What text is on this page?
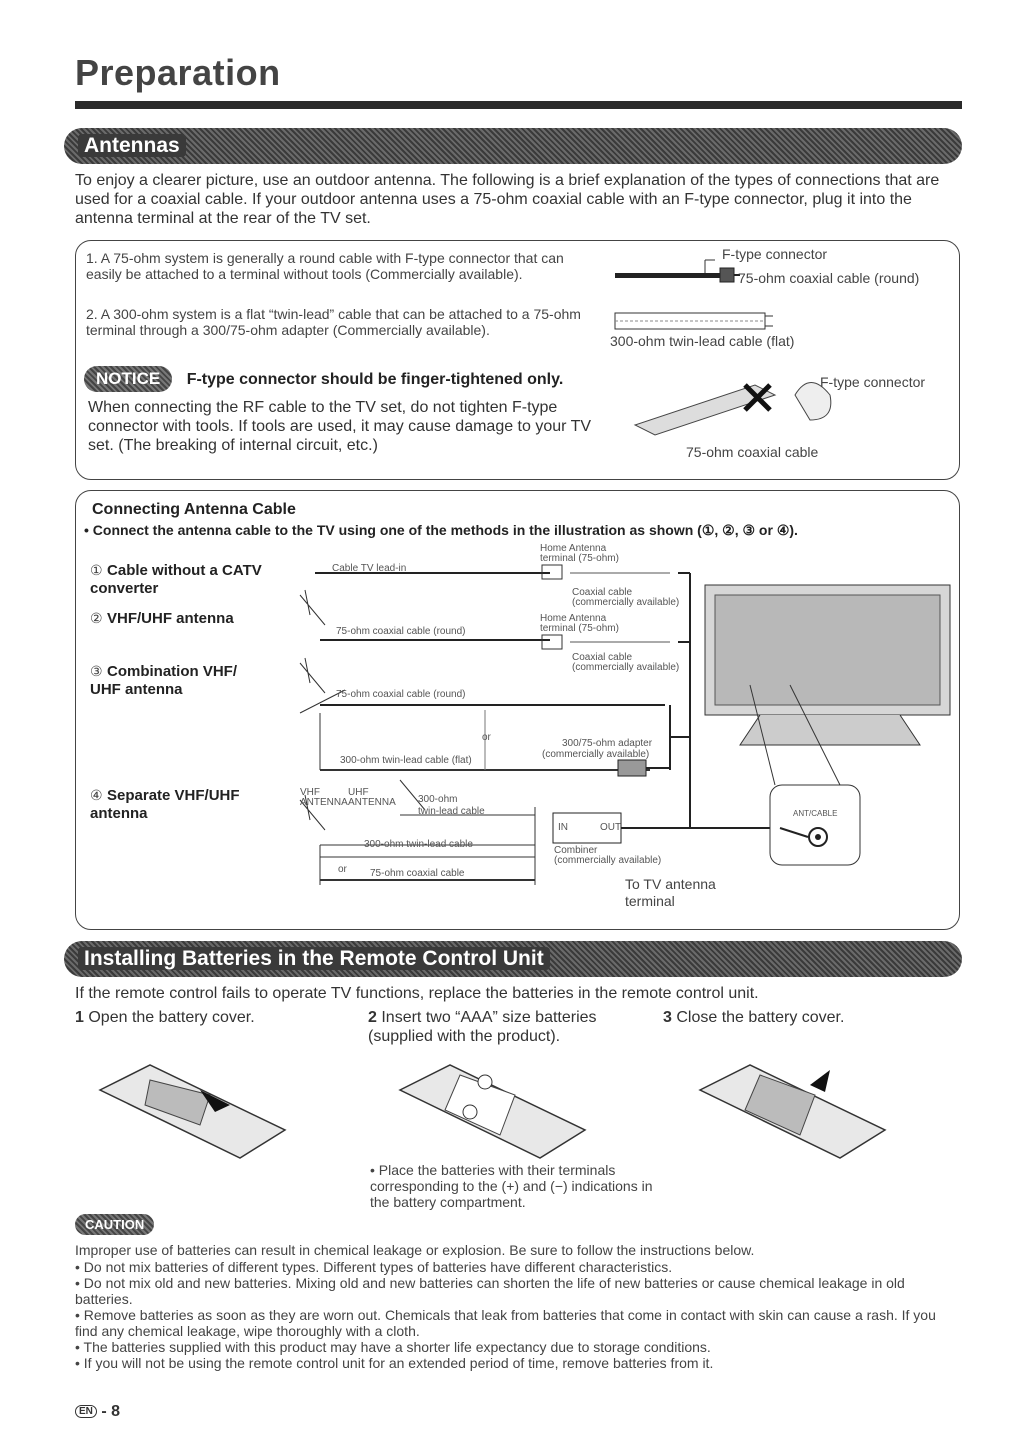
Preparation
Antennas
To enjoy a clearer picture, use an outdoor antenna. The following is a brief explanation of the types of connections that are used for a coaxial cable. If your outdoor antenna uses a 75-ohm coaxial cable with an F-type connector, plug it into the antenna terminal at the rear of the TV set.
1. A 75-ohm system is generally a round cable with F-type connector that can easily be attached to a terminal without tools (Commercially available).
2. A 300-ohm system is a flat “twin-lead” cable that can be attached to a 75-ohm terminal through a 300/75-ohm adapter (Commercially available).
F-type connector
75-ohm coaxial cable (round)
300-ohm twin-lead cable (flat)
NOTICE F-type connector should be finger-tightened only.
When connecting the RF cable to the TV set, do not tighten F-type connector with tools. If tools are used, it may cause damage to your TV set. (The breaking of internal circuit, etc.)
F-type connector
75-ohm coaxial cable
Connecting Antenna Cable
• Connect the antenna cable to the TV using one of the methods in the illustration as shown (①, ②, ③ or ④).
① Cable without a CATV converter
② VHF/UHF antenna
③ Combination VHF/ UHF antenna
④ Separate VHF/UHF antenna
Cable TV lead-in
Home Antenna
terminal (75-ohm)
Coaxial cable
(commercially available)
Home Antenna
terminal (75-ohm)
75-ohm coaxial cable (round)
Coaxial cable
(commercially available)
75-ohm coaxial cable (round)
or
300/75-ohm adapter
(commercially available)
300-ohm twin-lead cable (flat)
VHF
ANTENNA
UHF
ANTENNA 300-ohm
twin-lead cable
IN	OUT
300-ohm twin-lead cable
or 75-ohm coaxial cable
Combiner
(commercially available)
To TV antenna
terminal
ANT/CABLE
Installing Batteries in the Remote Control Unit
If the remote control fails to operate TV functions, replace the batteries in the remote control unit.
1 Open the battery cover.	2 Insert two “AAA” size batteries (supplied with the product).
3 Close the battery cover.
• Place the batteries with their terminals corresponding to the (+) and (−) indications in the battery compartment.
CAUTION
Improper use of batteries can result in chemical leakage or explosion. Be sure to follow the instructions below.
• Do not mix batteries of different types. Different types of batteries have different characteristics.
• Do not mix old and new batteries. Mixing old and new batteries can shorten the life of new batteries or cause chemical leakage in old batteries.
• Remove batteries as soon as they are worn out. Chemicals that leak from batteries that come in contact with skin can cause a rash. If you find any chemical leakage, wipe thoroughly with a cloth.
• The batteries supplied with this product may have a shorter life expectancy due to storage conditions.
• If you will not be using the remote control unit for an extended period of time, remove batteries from it.
EN - 8
